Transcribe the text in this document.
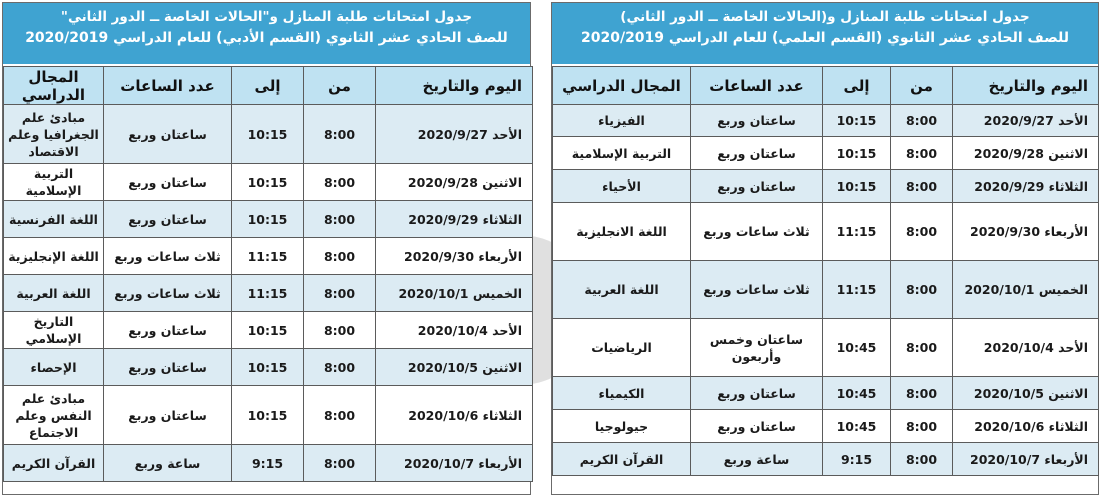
جدول امتحانات طلبة المنازل و"الحالات الخاصة ــ الدور الثاني"
للصف الحادي عشر الثانوي (القسم الأدبي) للعام الدراسي 2020/2019
اليوم والتاريخ	من	إلى	عدد الساعات	المجال الدراسي
الأحد 2020/9/27	8:00	10:15	ساعتان وربع	مبادئ علم الجغرافيا وعلم الاقتصاد
الاثنين 2020/9/28	8:00	10:15	ساعتان وربع	التربية الإسلامية
الثلاثاء 2020/9/29	8:00	10:15	ساعتان وربع	اللغة الفرنسية
الأربعاء 2020/9/30	8:00	11:15	ثلاث ساعات وربع	اللغة الإنجليزية
الخميس 2020/10/1	8:00	11:15	ثلاث ساعات وربع	اللغة العربية
الأحد 2020/10/4	8:00	10:15	ساعتان وربع	التاريخ الإسلامي
الاثنين 2020/10/5	8:00	10:15	ساعتان وربع	الإحصاء
الثلاثاء 2020/10/6	8:00	10:15	ساعتان وربع	مبادئ علم النفس وعلم الاجتماع
الأربعاء 2020/10/7	8:00	9:15	ساعة وربع	القرآن الكريم
جدول امتحانات طلبة المنازل و(الحالات الخاصة ــ الدور الثاني)
للصف الحادي عشر الثانوي (القسم العلمي) للعام الدراسي 2020/2019
اليوم والتاريخ	من	إلى	عدد الساعات	المجال الدراسي
الأحد 2020/9/27	8:00	10:15	ساعتان وربع	الفيزياء
الاثنين 2020/9/28	8:00	10:15	ساعتان وربع	التربية الإسلامية
الثلاثاء 2020/9/29	8:00	10:15	ساعتان وربع	الأحياء
الأربعاء 2020/9/30	8:00	11:15	ثلاث ساعات وربع	اللغة الانجليزية
الخميس 2020/10/1	8:00	11:15	ثلاث ساعات وربع	اللغة العربية
الأحد 2020/10/4	8:00	10:45	ساعتان وخمس وأربعون	الرياضيات
الاثنين 2020/10/5	8:00	10:45	ساعتان وربع	الكيمياء
الثلاثاء 2020/10/6	8:00	10:45	ساعتان وربع	جيولوجيا
الأربعاء 2020/10/7	8:00	9:15	ساعة وربع	القرآن الكريم
